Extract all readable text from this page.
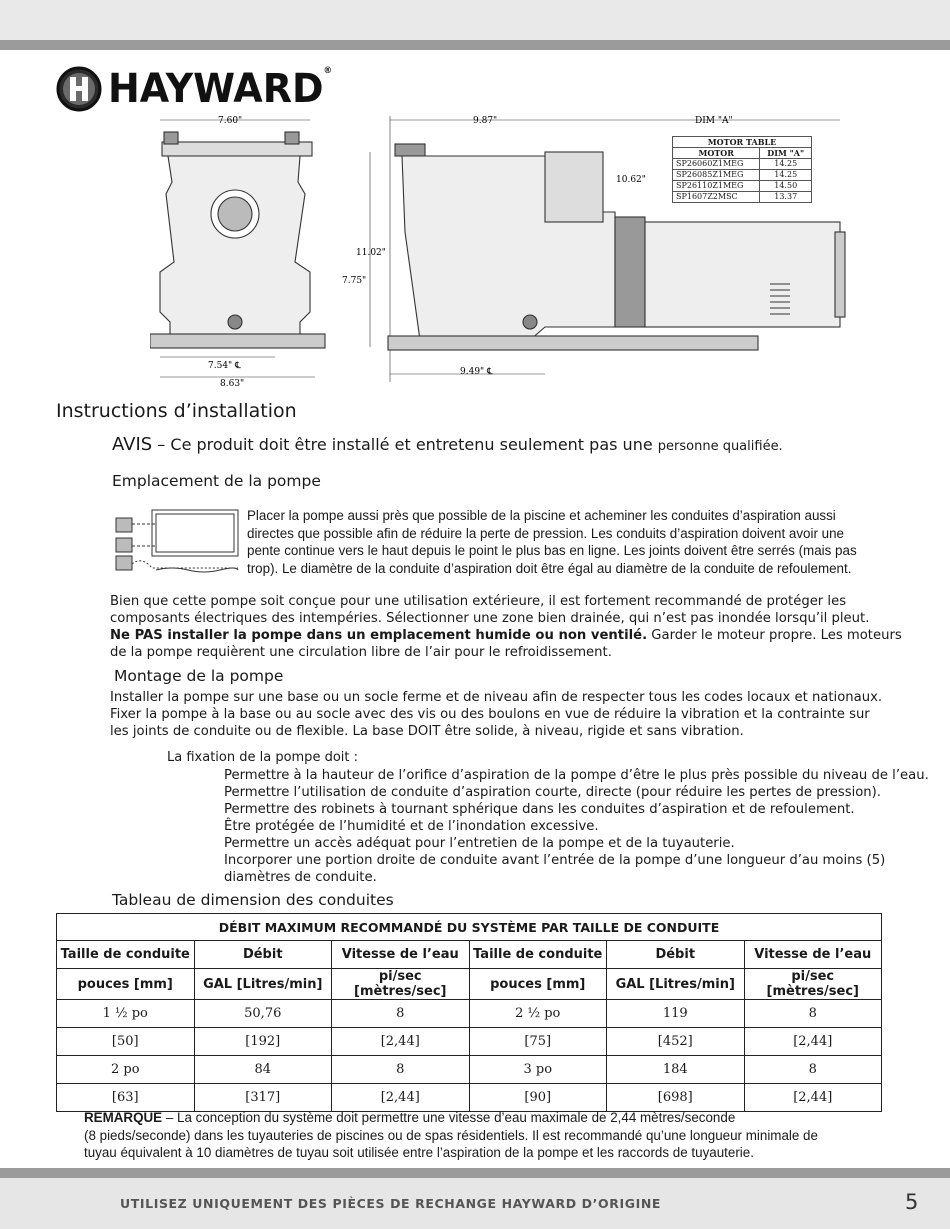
HAYWARD®
7.60"
7.54" ℄
8.63"
7.75"
11.02"
9.87"	DIM "A"
10.62"
9.49" ℄
MOTOR TABLE	
MOTOR	DIM "A"
SP26060Z1MEG	14.25
SP26085Z1MEG	14.25
SP26110Z1MEG	14.50
SP1607Z2MSC	13.37
Instructions d’installation
AVIS – Ce produit doit être installé et entretenu seulement pas une personne qualifiée.
Emplacement de la pompe
Placer la pompe aussi près que possible de la piscine et acheminer les conduites d’aspiration aussi
directes que possible afin de réduire la perte de pression. Les conduits d’aspiration doivent avoir une
pente continue vers le haut depuis le point le plus bas en ligne. Les joints doivent être serrés (mais pas
trop). Le diamètre de la conduite d’aspiration doit être égal au diamètre de la conduite de refoulement.
Bien que cette pompe soit conçue pour une utilisation extérieure, il est fortement recommandé de protéger les
composants électriques des intempéries. Sélectionner une zone bien drainée, qui n’est pas inondée lorsqu’il pleut.
Ne PAS installer la pompe dans un emplacement humide ou non ventilé. Garder le moteur propre. Les moteurs
de la pompe requièrent une circulation libre de l’air pour le refroidissement.
Montage de la pompe
Installer la pompe sur une base ou un socle ferme et de niveau afin de respecter tous les codes locaux et nationaux.
Fixer la pompe à la base ou au socle avec des vis ou des boulons en vue de réduire la vibration et la contrainte sur
les joints de conduite ou de flexible. La base DOIT être solide, à niveau, rigide et sans vibration.
La fixation de la pompe doit :
Permettre à la hauteur de l’orifice d’aspiration de la pompe d’être le plus près possible du niveau de l’eau.
Permettre l’utilisation de conduite d’aspiration courte, directe (pour réduire les pertes de pression).
Permettre des robinets à tournant sphérique dans les conduites d’aspiration et de refoulement.
Être protégée de l’humidité et de l’inondation excessive.
Permettre un accès adéquat pour l’entretien de la pompe et de la tuyauterie.
Incorporer une portion droite de conduite avant l’entrée de la pompe d’une longueur d’au moins (5)
diamètres de conduite.
Tableau de dimension des conduites
DÉBIT MAXIMUM RECOMMANDÉ DU SYSTÈME PAR TAILLE DE CONDUITE					
Taille de conduite	Débit	Vitesse de l’eau	Taille de conduite	Débit	Vitesse de l’eau
pouces [mm]	GAL [Litres/min]	pi/sec [mètres/sec]	pouces [mm]	GAL [Litres/min]	pi/sec [mètres/sec]
1 ½ po	50,76	8	2 ½ po	119	8
[50]	[192]	[2,44]	[75]	[452]	[2,44]
2 po	84	8	3 po	184	8
[63]	[317]	[2,44]	[90]	[698]	[2,44]
REMARQUE – La conception du système doit permettre une vitesse d’eau maximale de 2,44 mètres/seconde
(8 pieds/seconde) dans les tuyauteries de piscines ou de spas résidentiels. Il est recommandé qu’une longueur minimale de
tuyau équivalent à 10 diamètres de tuyau soit utilisée entre l’aspiration de la pompe et les raccords de tuyauterie.
UTILISEZ UNIQUEMENT DES PIÈCES DE RECHANGE HAYWARD D’ORIGINE	5
